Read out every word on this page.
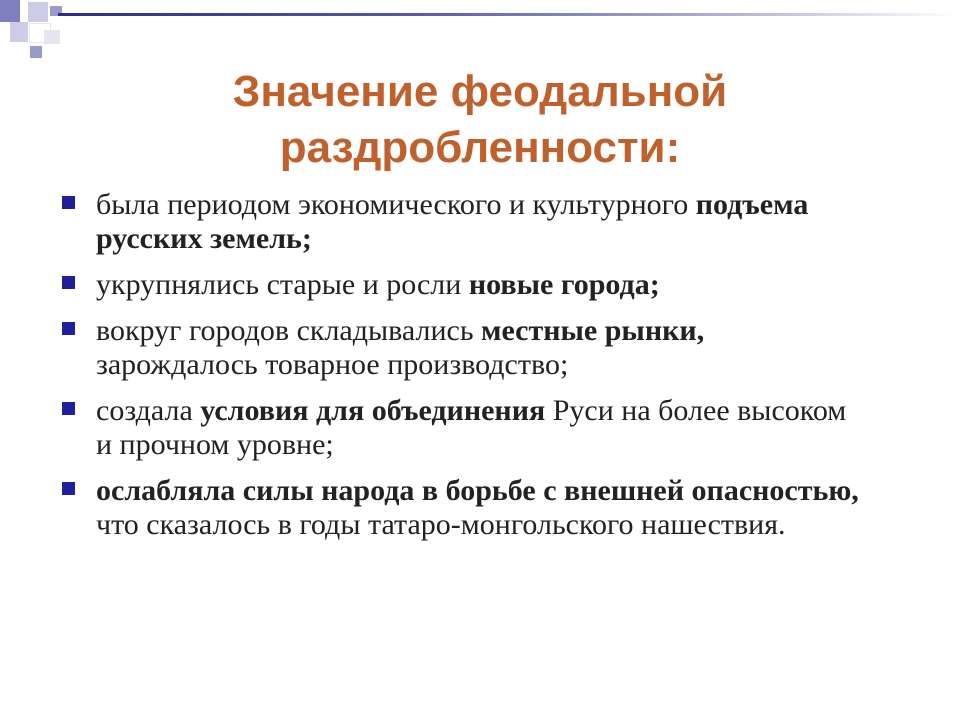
Значение феодальной
раздробленности:
была периодом экономического и культурного подъема русских земель;
укрупнялись старые и росли новые города;
вокруг городов складывались местные рынки, зарождалось товарное производство;
создала условия для объединения Руси на более высоком и прочном уровне;
ослабляла силы народа в борьбе с внешней опасностью, что сказалось в годы татаро-монгольского нашествия.
